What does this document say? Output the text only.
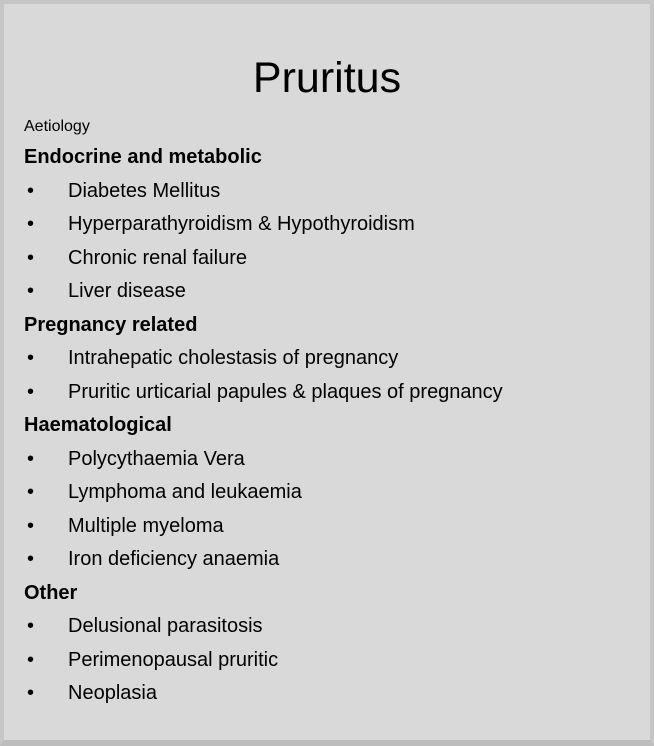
Pruritus
Aetiology
Endocrine and metabolic
• Diabetes Mellitus
• Hyperparathyroidism & Hypothyroidism
• Chronic renal failure
• Liver disease
Pregnancy related
• Intrahepatic cholestasis of pregnancy
• Pruritic urticarial papules & plaques of pregnancy
Haematological
• Polycythaemia Vera
• Lymphoma and leukaemia
• Multiple myeloma
• Iron deficiency anaemia
Other
• Delusional parasitosis
• Perimenopausal pruritic
• Neoplasia
